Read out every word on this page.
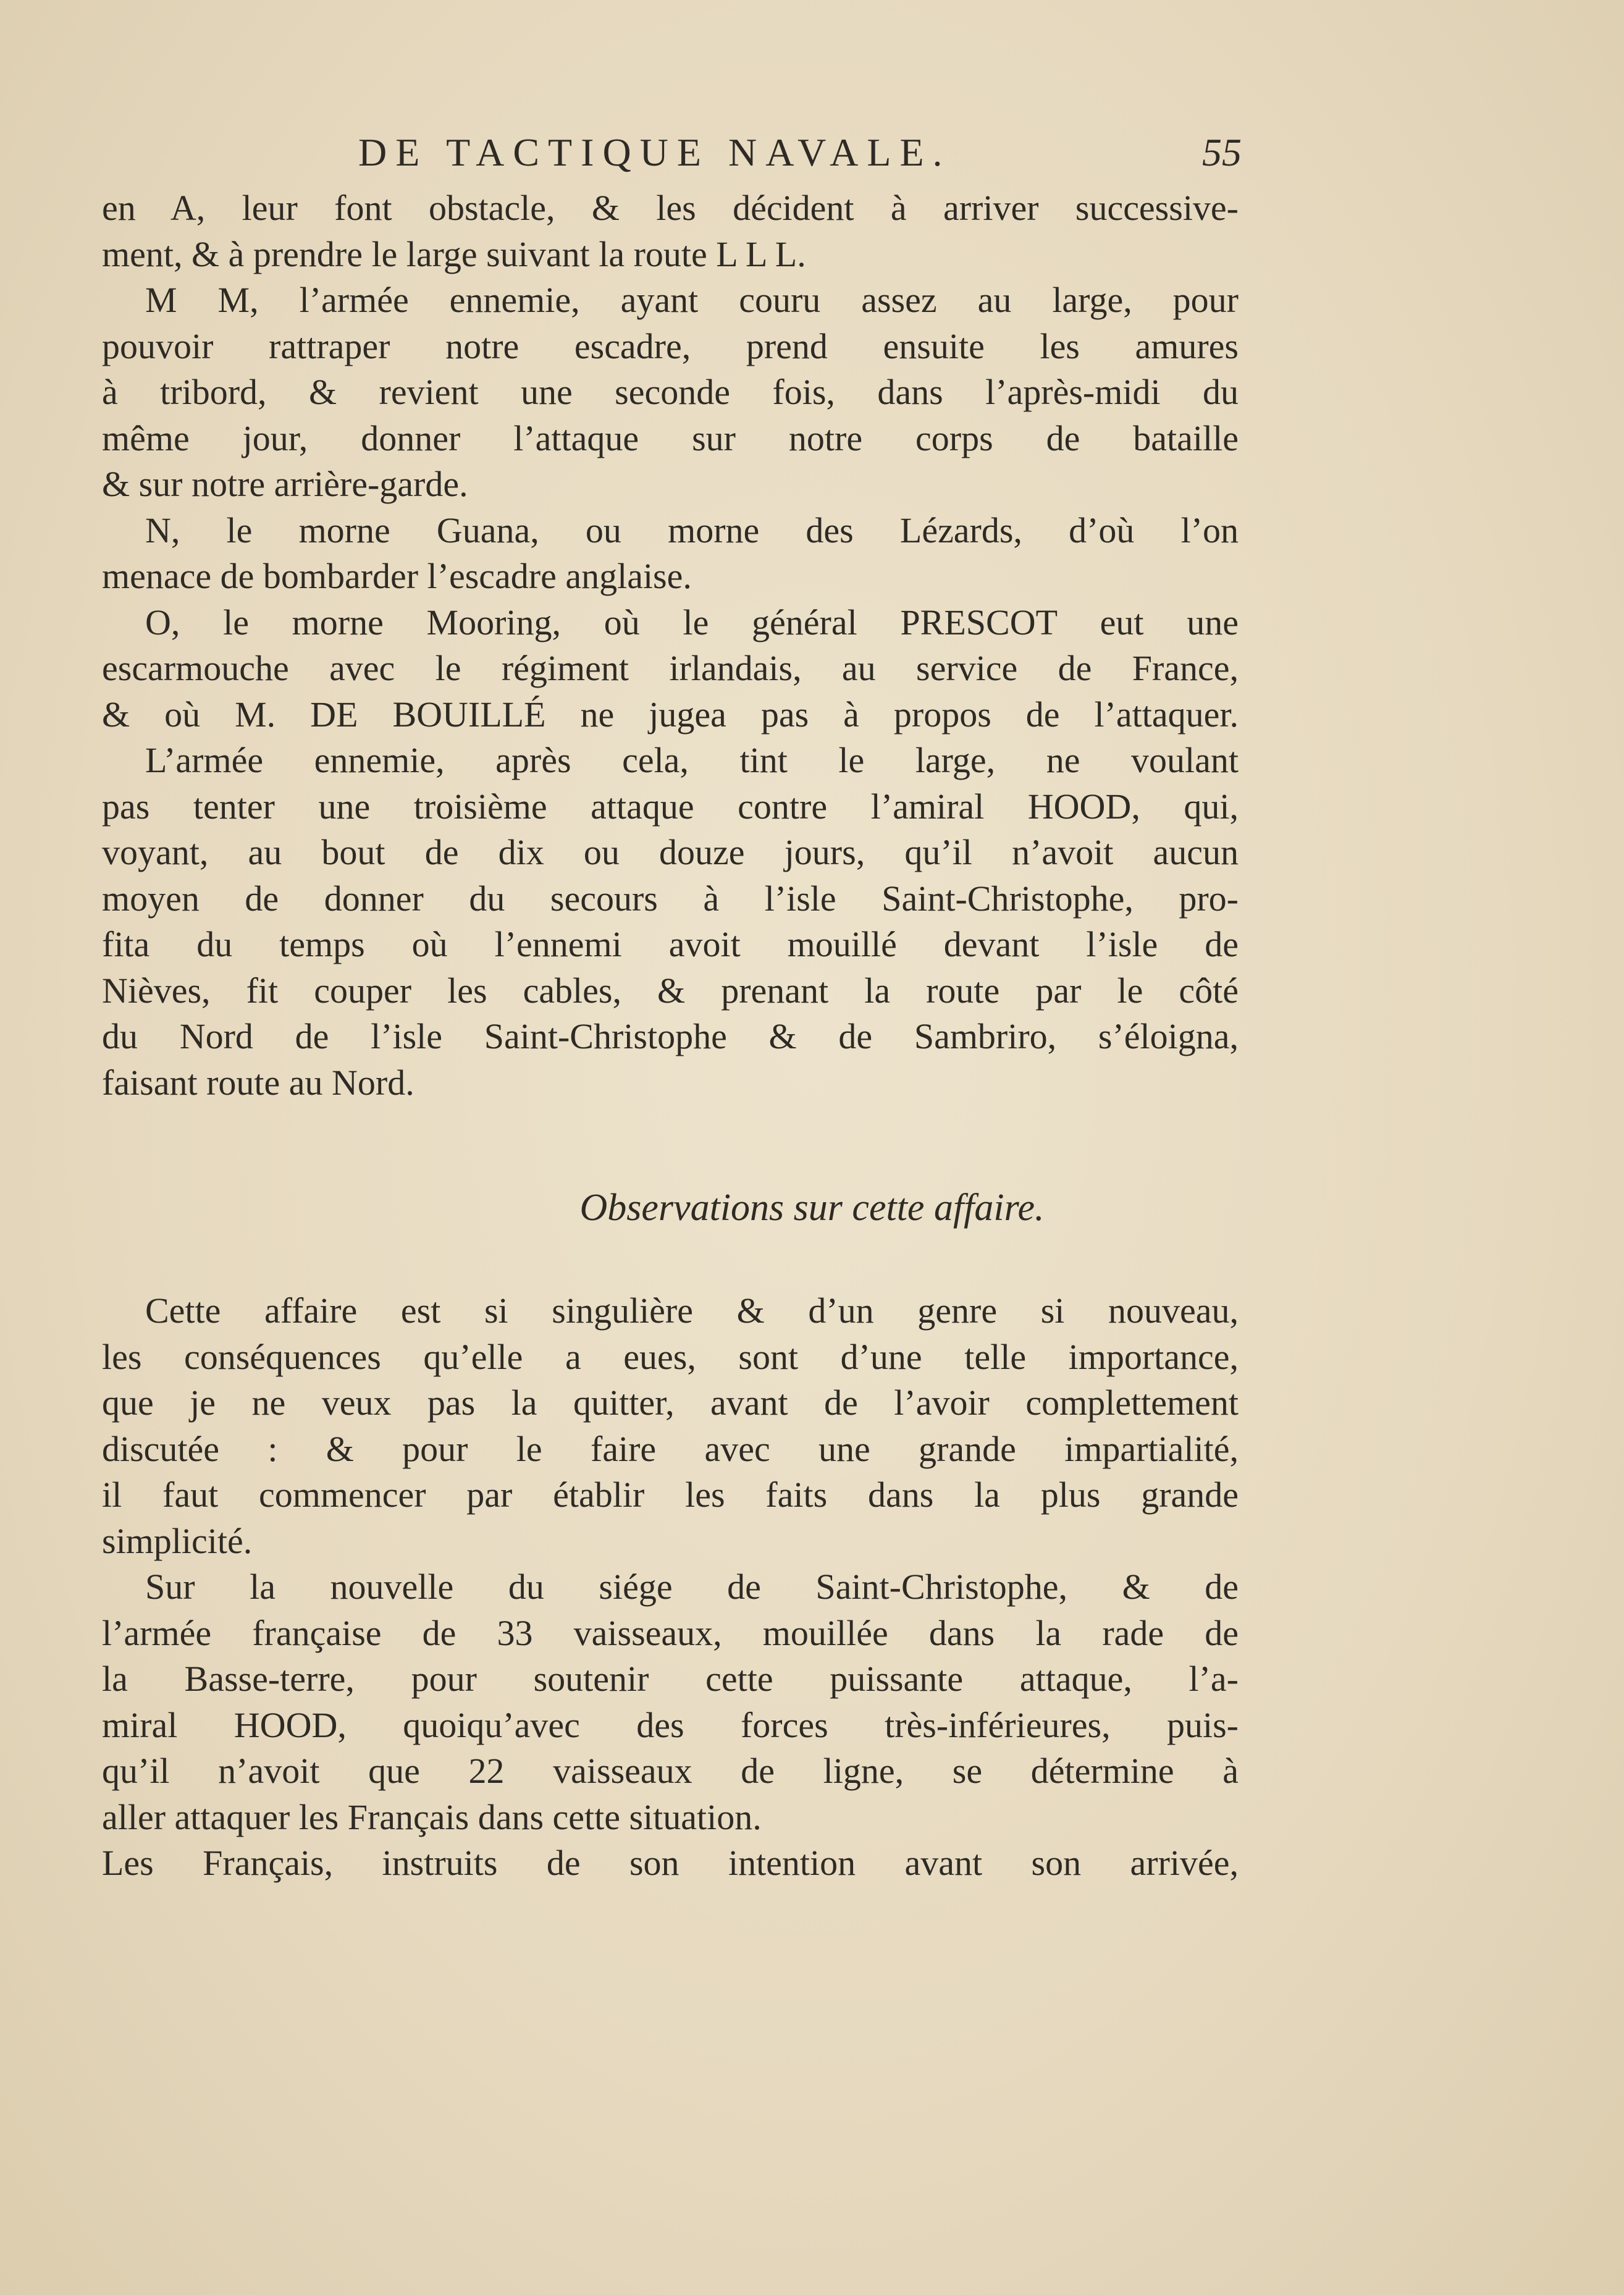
DE TACTIQUE NAVALE.	55
en A, leur font obstacle, & les décident à arriver successive-
ment, & à prendre le large suivant la route L L L.
M M, l’armée ennemie, ayant couru assez au large, pour
pouvoir rattraper notre escadre, prend ensuite les amures
à tribord, & revient une seconde fois, dans l’après-midi du
même jour, donner l’attaque sur notre corps de bataille
& sur notre arrière-garde.
N, le morne Guana, ou morne des Lézards, d’où l’on
menace de bombarder l’escadre anglaise.
O, le morne Mooring, où le général PRESCOT eut une
escarmouche avec le régiment irlandais, au service de France,
& où M. DE BOUILLÉ ne jugea pas à propos de l’attaquer.
L’armée ennemie, après cela, tint le large, ne voulant
pas tenter une troisième attaque contre l’amiral HOOD, qui,
voyant, au bout de dix ou douze jours, qu’il n’avoit aucun
moyen de donner du secours à l’isle Saint-Christophe, pro-
fita du temps où l’ennemi avoit mouillé devant l’isle de
Nièves, fit couper les cables, & prenant la route par le côté
du Nord de l’isle Saint-Christophe & de Sambriro, s’éloigna,
faisant route au Nord.
Observations sur cette affaire.
Cette affaire est si singulière & d’un genre si nouveau,
les conséquences qu’elle a eues, sont d’une telle importance,
que je ne veux pas la quitter, avant de l’avoir complettement
discutée : & pour le faire avec une grande impartialité,
il faut commencer par établir les faits dans la plus grande
simplicité.
Sur la nouvelle du siége de Saint-Christophe, & de
l’armée française de 33 vaisseaux, mouillée dans la rade de
la Basse-terre, pour soutenir cette puissante attaque, l’a-
miral HOOD, quoiqu’avec des forces très-inférieures, puis-
qu’il n’avoit que 22 vaisseaux de ligne, se détermine à
aller attaquer les Français dans cette situation.
Les Français, instruits de son intention avant son arrivée,
